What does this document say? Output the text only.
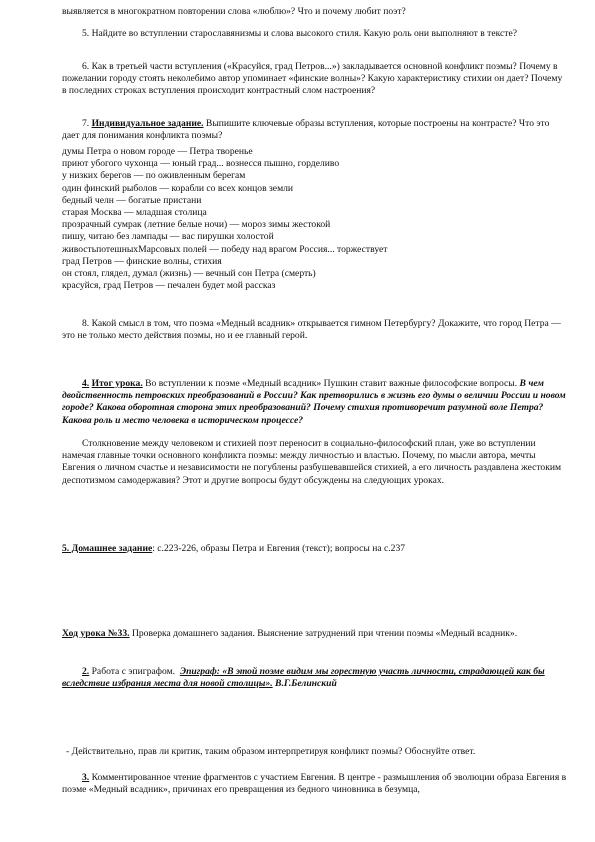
выявляется в многократном повторении слова «люблю»? Что и почему любит поэт?

5. Найдите во вступлении старославянизмы и слова высокого стиля. Какую роль они выполняют в тексте?

6. Как в третьей части вступления («Красуйся, град Петров...») закладывается основной конфликт поэмы? Почему в пожелании городу стоять неколебимо автор упоминает «финские волны»? Какую характеристику стихии он дает? Почему в последних строках вступления происходит контрастный слом настроения?

7. Индивидуальное задание. Выпишите ключевые образы вступления, которые построены на контрасте? Что это дает для понимания конфликта поэмы?

думы Петра о новом городе — Петра творенье
приют убогого чухонца — юный град... вознесся пышно, горделиво
у низких берегов — по оживленным берегам
один финский рыболов — корабли со всех концов земли
бедный челн — богатые пристани
старая Москва — младшая столица
прозрачный сумрак (летние белые ночи) — мороз зимы жестокой
пишу, читаю без лампады — вас пирушки холостой
живостьпотешныхМарсовых полей — победу над врагом Россия... торжествует
град Петров — финские волны, стихия
он стоял, глядел, думал (жизнь) — вечный сон Петра (смерть)
красуйся, град Петров — печален будет мой рассказ

8. Какой смысл в том, что поэма «Медный всадник» открывается гимном Петербургу? Докажите, что город Петра — это не только место действия поэмы, но и ее главный герой.

4. Итог урока. Во вступлении к поэме «Медный всадник» Пушкин ставит важные философские вопросы. В чем двойственность петровских преобразований в России? Как претворились в жизнь его думы о величии России и новом городе? Какова оборотная сторона этих преобразований? Почему стихия противоречит разумной воле Петра? Какова роль и место человека в историческом процессе?

Столкновение между человеком и стихией поэт переносит в социально-философский план, уже во вступлении намечая главные точки основного конфликта поэмы: между личностью и властью. Почему, по мысли автора, мечты Евгения о личном счастье и независимости не погублены разбушевавшейся стихией, а его личность раздавлена жестоким деспотизмом самодержавия? Этот и другие вопросы будут обсуждены на следующих уроках.

5. Домашнее задание: с.223-226, образы Петра и Евгения (текст); вопросы на с.237

Ход урока №33. Проверка домашнего задания. Выяснение затруднений при чтении поэмы «Медный всадник».

2. Работа с эпиграфом. Эпиграф: «В этой поэме видим мы горестную участь личности, страдающей как бы вследствие избрания места для новой столицы». В.Г.Белинский

- Действительно, прав ли критик, таким образом интерпретируя конфликт поэмы? Обоснуйте ответ.

3. Комментированное чтение фрагментов с участием Евгения. В центре - размышления об эволюции образа Евгения в поэме «Медный всадник», причинах его превращения из бедного чиновника в безумца,
